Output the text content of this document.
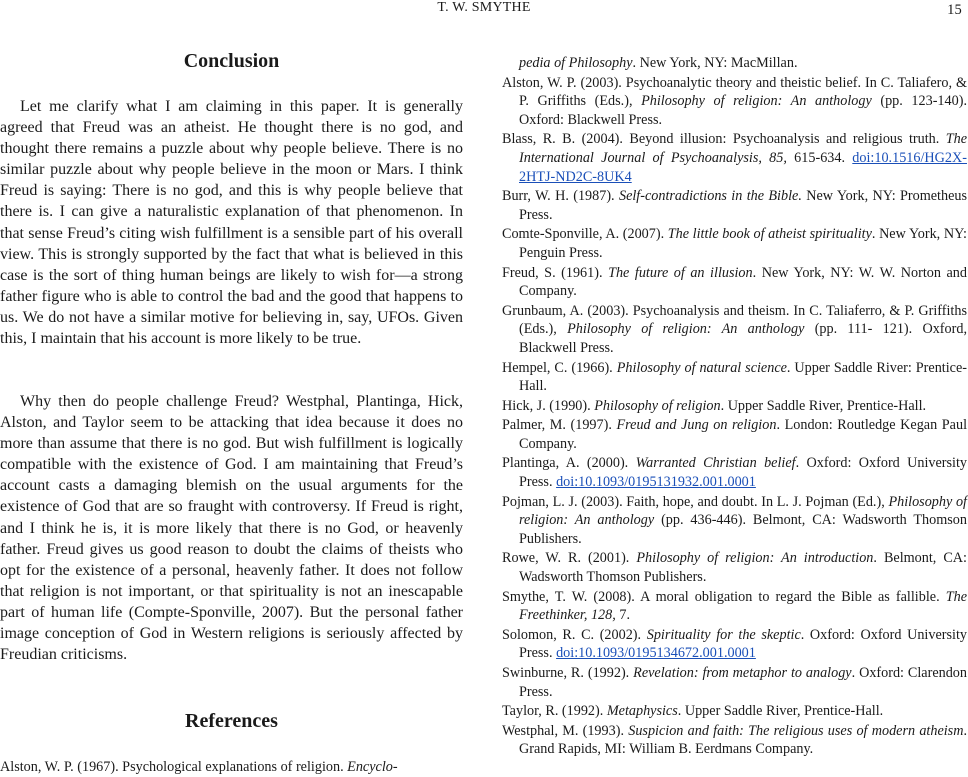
T. W. SMYTHE	15
Conclusion

Let me clarify what I am claiming in this paper. It is generally agreed that Freud was an atheist. He thought there is no god, and thought there remains a puzzle about why people believe. There is no similar puzzle about why people believe in the moon or Mars. I think Freud is saying: There is no god, and this is why people believe that there is. I can give a naturalistic explanation of that phenomenon. In that sense Freud’s citing wish fulfillment is a sensible part of his overall view. This is strongly supported by the fact that what is believed in this case is the sort of thing human beings are likely to wish for—a strong father figure who is able to control the bad and the good that happens to us. We do not have a similar motive for believing in, say, UFOs. Given this, I maintain that his account is more likely to be true.

Why then do people challenge Freud? Westphal, Plantinga, Hick, Alston, and Taylor seem to be attacking that idea because it does no more than assume that there is no god. But wish fulfillment is logically compatible with the existence of God. I am maintaining that Freud’s account casts a damaging blemish on the usual arguments for the existence of God that are so fraught with controversy. If Freud is right, and I think he is, it is more likely that there is no God, or heavenly father. Freud gives us good reason to doubt the claims of theists who opt for the existence of a personal, heavenly father. It does not follow that religion is not important, or that spirituality is not an inescapable part of human life (Compte-Sponville, 2007). But the personal father image conception of God in Western religions is seriously affected by Freudian criticisms.

References
Alston, W. P. (1967). Psychological explanations of religion. Encyclo-
pedia of Philosophy. New York, NY: MacMillan.
Alston, W. P. (2003). Psychoanalytic theory and theistic belief. In C. Taliafero, & P. Griffiths (Eds.), Philosophy of religion: An anthology (pp. 123-140). Oxford: Blackwell Press.
Blass, R. B. (2004). Beyond illusion: Psychoanalysis and religious truth. The International Journal of Psychoanalysis, 85, 615-634. doi:10.1516/HG2X-2HTJ-ND2C-8UK4
Burr, W. H. (1987). Self-contradictions in the Bible. New York, NY: Prometheus Press.
Comte-Sponville, A. (2007). The little book of atheist spirituality. New York, NY: Penguin Press.
Freud, S. (1961). The future of an illusion. New York, NY: W. W. Norton and Company.
Grunbaum, A. (2003). Psychoanalysis and theism. In C. Taliaferro, & P. Griffiths (Eds.), Philosophy of religion: An anthology (pp. 111- 121). Oxford, Blackwell Press.
Hempel, C. (1966). Philosophy of natural science. Upper Saddle River: Prentice-Hall.
Hick, J. (1990). Philosophy of religion. Upper Saddle River, Prentice-Hall.
Palmer, M. (1997). Freud and Jung on religion. London: Routledge Kegan Paul Company.
Plantinga, A. (2000). Warranted Christian belief. Oxford: Oxford University Press. doi:10.1093/0195131932.001.0001
Pojman, L. J. (2003). Faith, hope, and doubt. In L. J. Pojman (Ed.), Philosophy of religion: An anthology (pp. 436-446). Belmont, CA: Wadsworth Thomson Publishers.
Rowe, W. R. (2001). Philosophy of religion: An introduction. Belmont, CA: Wadsworth Thomson Publishers.
Smythe, T. W. (2008). A moral obligation to regard the Bible as fallible. The Freethinker, 128, 7.
Solomon, R. C. (2002). Spirituality for the skeptic. Oxford: Oxford University Press. doi:10.1093/0195134672.001.0001
Swinburne, R. (1992). Revelation: from metaphor to analogy. Oxford: Clarendon Press.
Taylor, R. (1992). Metaphysics. Upper Saddle River, Prentice-Hall.
Westphal, M. (1993). Suspicion and faith: The religious uses of modern atheism. Grand Rapids, MI: William B. Eerdmans Company.
